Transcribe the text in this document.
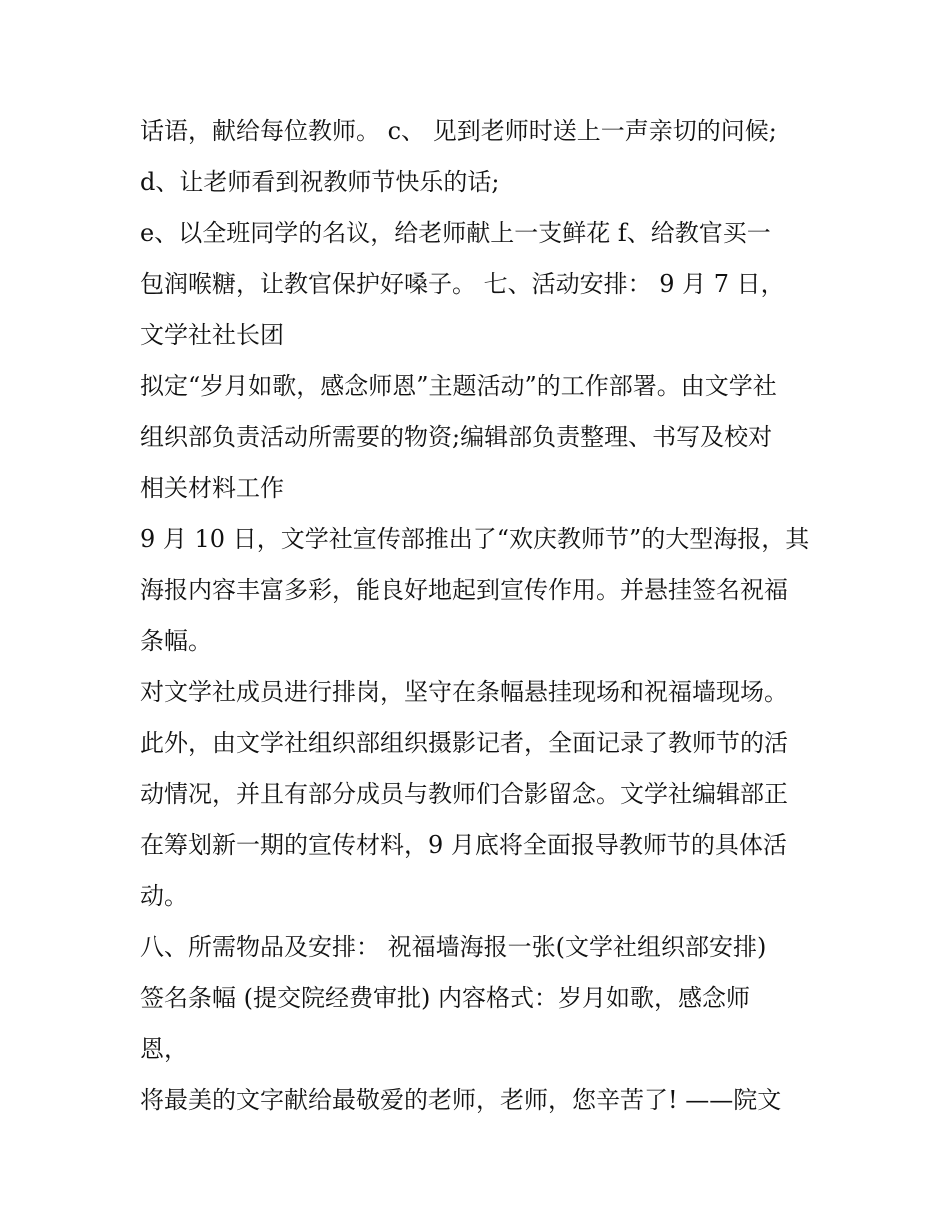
话语，献给每位教师。 c、 见到老师时送上一声亲切的问候;
d、让老师看到祝教师节快乐的话;
e、以全班同学的名议，给老师献上一支鲜花 f、给教官买一
包润喉糖，让教官保护好嗓子。 七、活动安排： 9 月 7 日，
文学社社长团
拟定“岁月如歌，感念师恩”主题活动”的工作部署。由文学社
组织部负责活动所需要的物资;编辑部负责整理、书写及校对
相关材料工作
9 月 10 日，文学社宣传部推出了“欢庆教师节”的大型海报，其
海报内容丰富多彩，能良好地起到宣传作用。并悬挂签名祝福
条幅。
对文学社成员进行排岗，坚守在条幅悬挂现场和祝福墙现场。
此外，由文学社组织部组织摄影记者，全面记录了教师节的活
动情况，并且有部分成员与教师们合影留念。文学社编辑部正
在筹划新一期的宣传材料，9 月底将全面报导教师节的具体活
动。
八、所需物品及安排： 祝福墙海报一张(文学社组织部安排)
签名条幅 (提交院经费审批) 内容格式：岁月如歌，感念师
恩，
将最美的文字献给最敬爱的老师，老师，您辛苦了! ——院文
